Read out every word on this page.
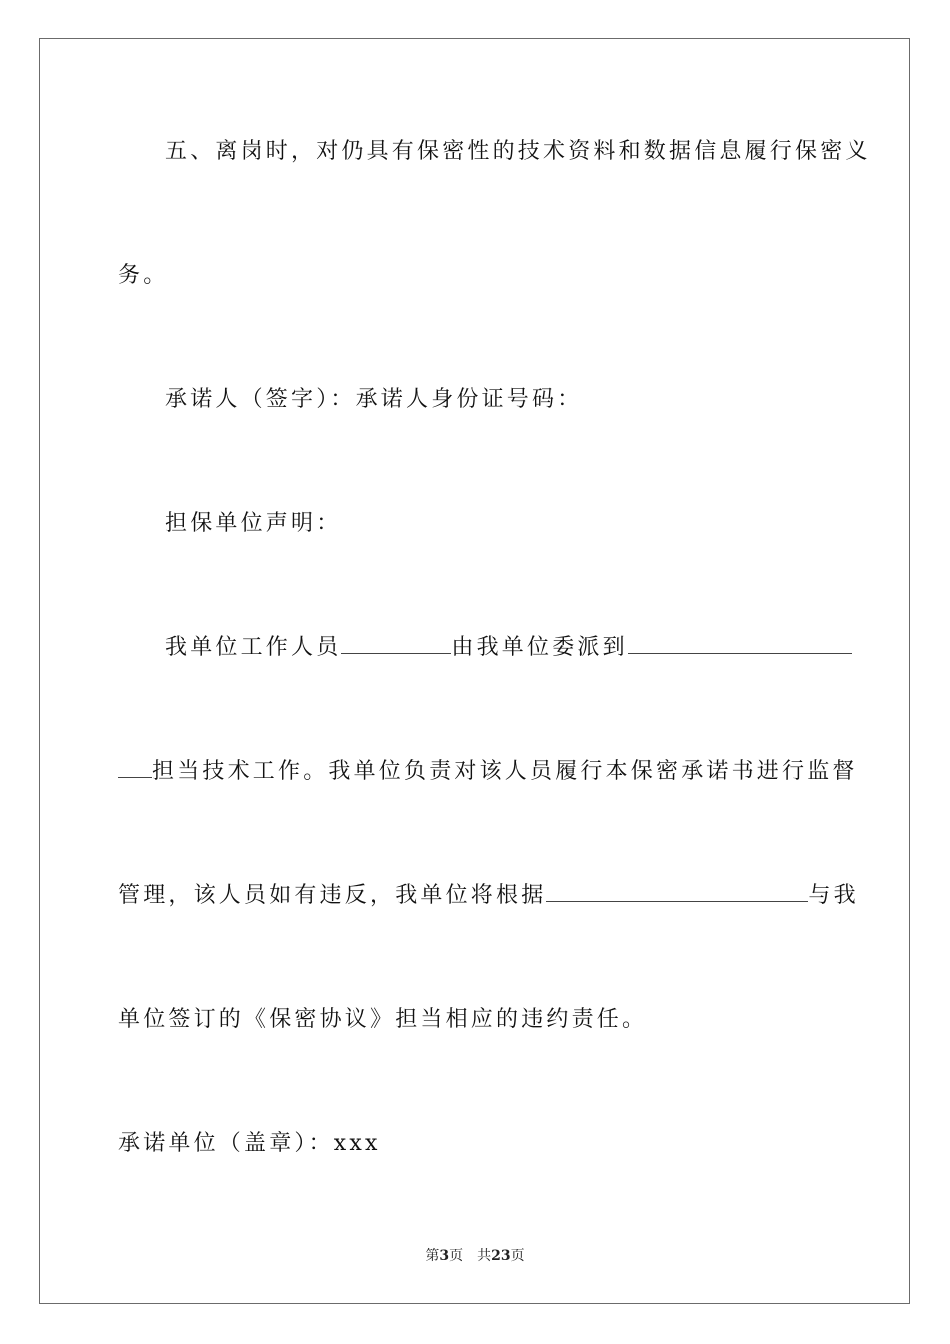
五、离岗时，对仍具有保密性的技术资料和数据信息履行保密义
务。
承诺人（签字）：承诺人身份证号码：
担保单位声明：
我单位工作人员	由我单位委派到
担当技术工作。我单位负责对该人员履行本保密承诺书进行监督
管理，该人员如有违反，我单位将根据	与我
单位签订的《保密协议》担当相应的违约责任。
承诺单位（盖章）：xxx
第3页 共23页
